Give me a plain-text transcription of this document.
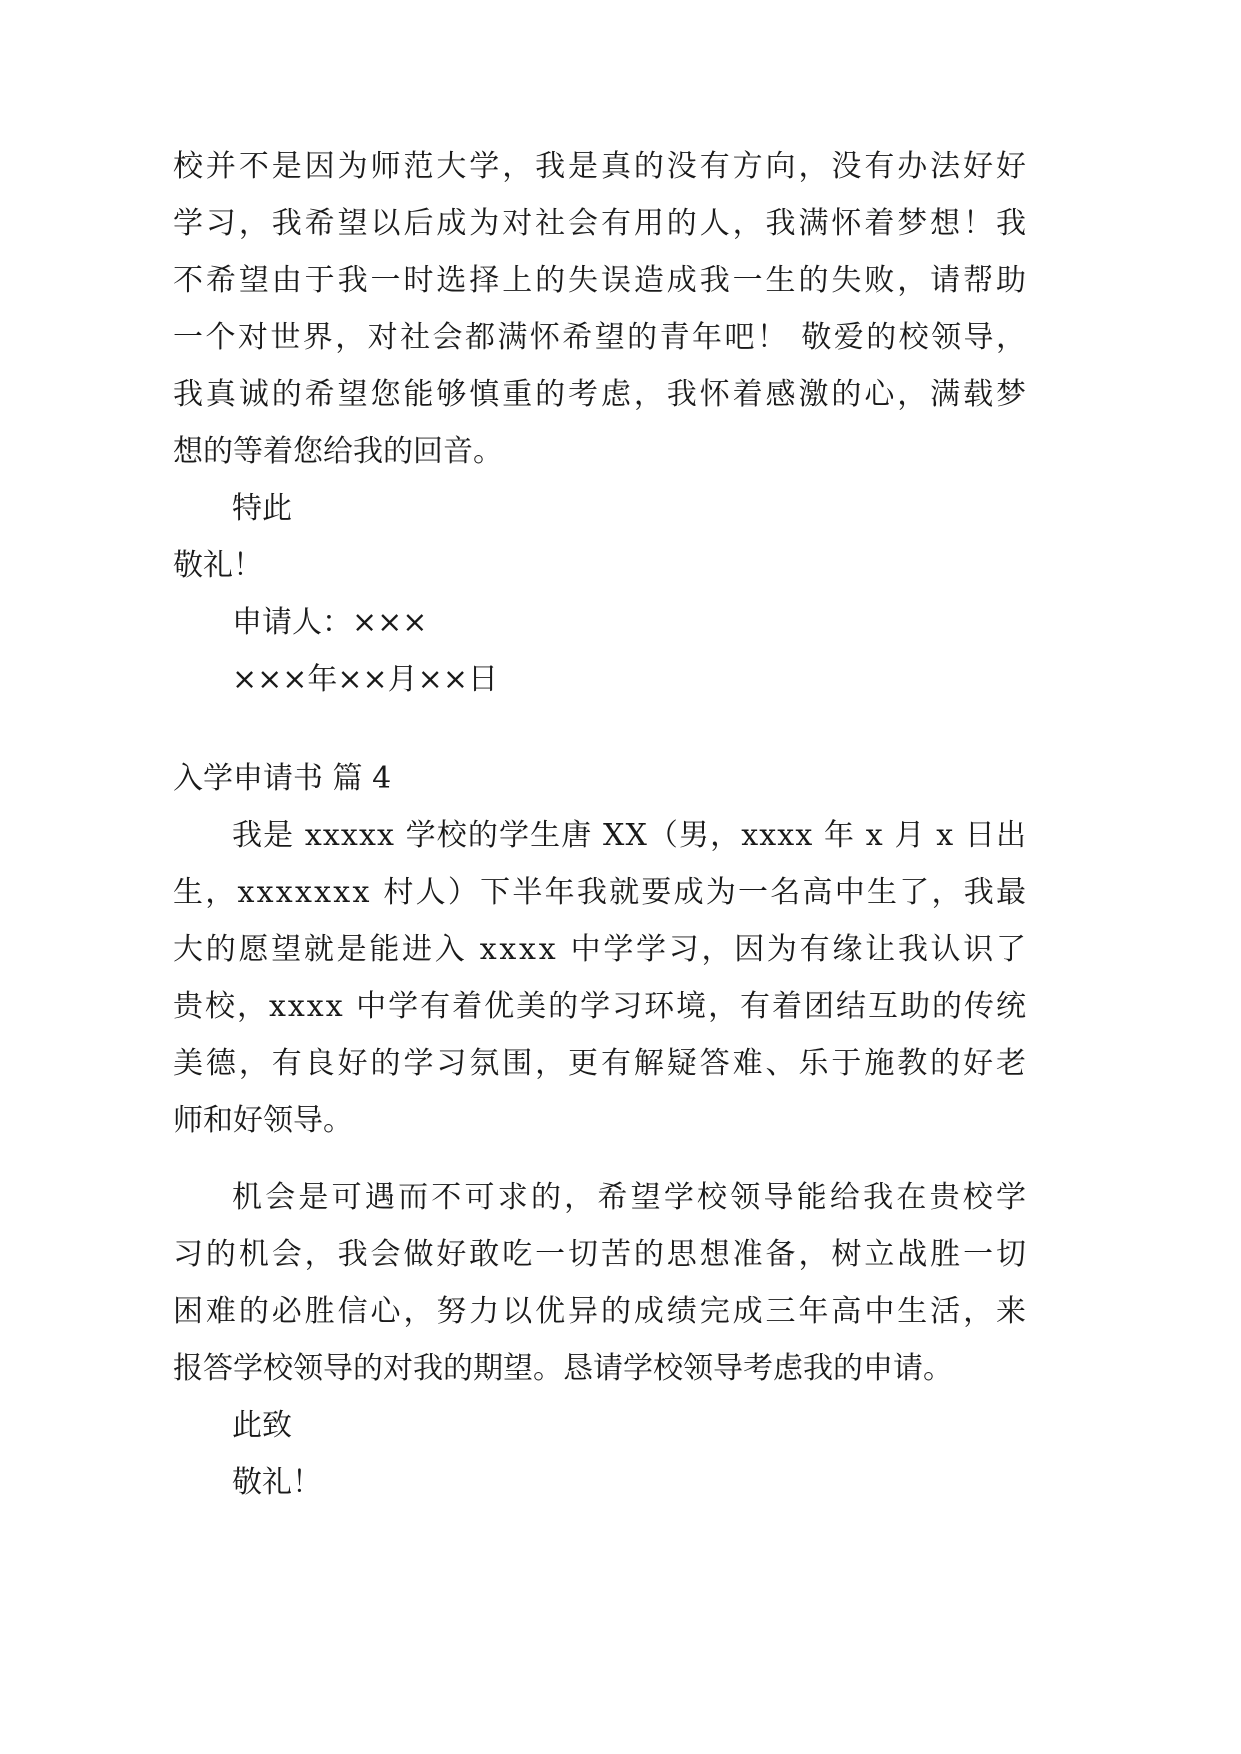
校并不是因为师范大学，我是真的没有方向，没有办法好好
学习，我希望以后成为对社会有用的人，我满怀着梦想！我
不希望由于我一时选择上的失误造成我一生的失败，请帮助
一个对世界，对社会都满怀希望的青年吧！ 敬爱的校领导，
我真诚的希望您能够慎重的考虑，我怀着感激的心，满载梦
想的等着您给我的回音。
特此
敬礼！
申请人：×××
×××年××月××日
入学申请书 篇 4
我是 xxxxx 学校的学生唐 XX（男，xxxx 年 x 月 x 日出
生，xxxxxxx 村人）下半年我就要成为一名高中生了，我最
大的愿望就是能进入 xxxx 中学学习，因为有缘让我认识了
贵校，xxxx 中学有着优美的学习环境，有着团结互助的传统
美德，有良好的学习氛围，更有解疑答难、乐于施教的好老
师和好领导。
机会是可遇而不可求的，希望学校领导能给我在贵校学
习的机会，我会做好敢吃一切苦的思想准备，树立战胜一切
困难的必胜信心，努力以优异的成绩完成三年高中生活，来
报答学校领导的对我的期望。恳请学校领导考虑我的申请。
此致
敬礼！
